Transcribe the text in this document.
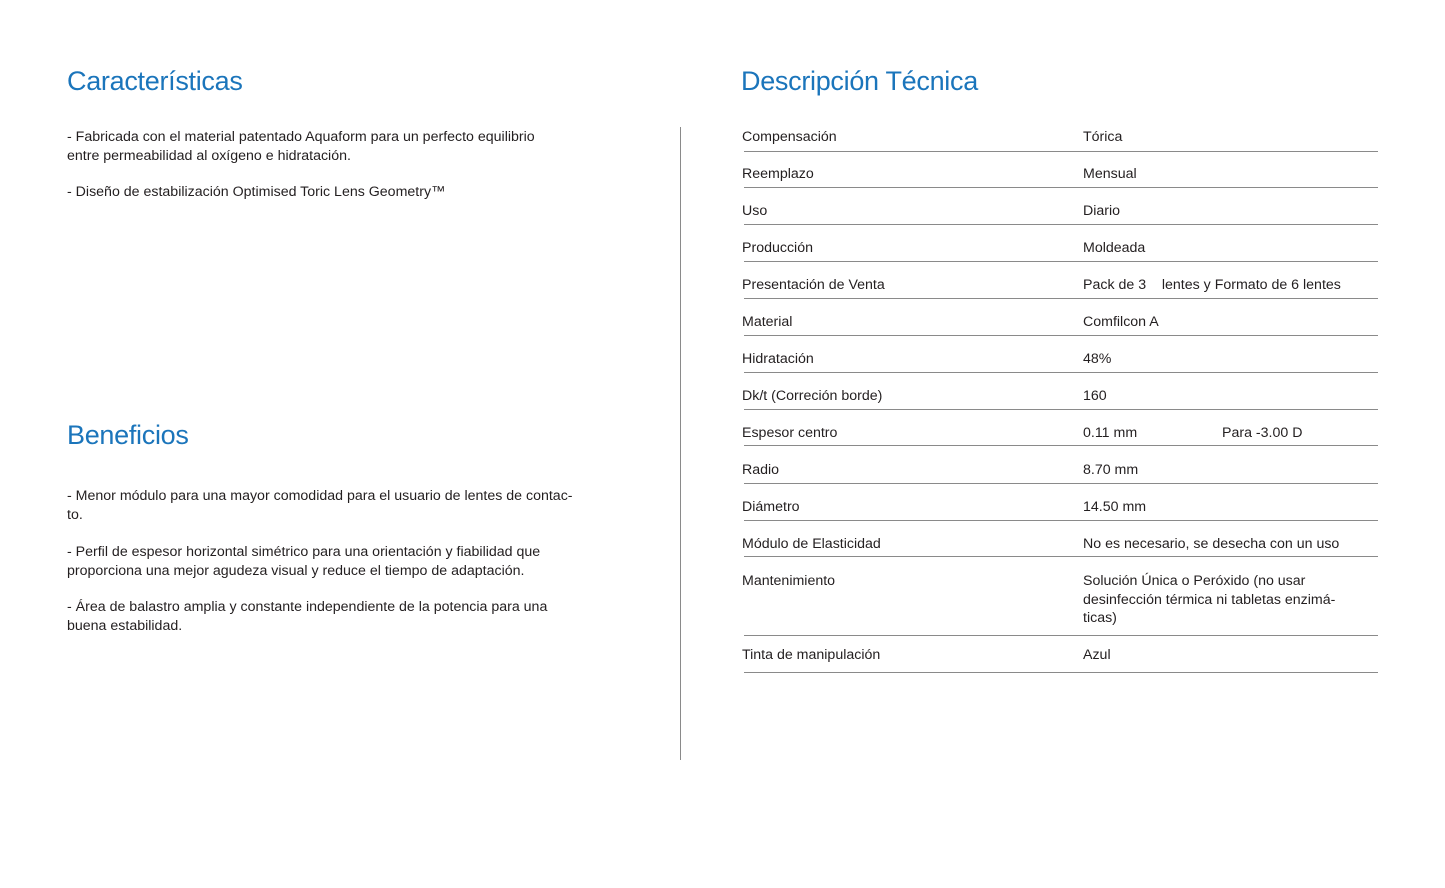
Características

- Fabricada con el material patentado Aquaform para un perfecto equilibrio
entre permeabilidad al oxígeno e hidratación.

- Diseño de estabilización Optimised Toric Lens Geometry™

Beneficios

- Menor módulo para una mayor comodidad para el usuario de lentes de contac-
to.

- Perfil de espesor horizontal simétrico para una orientación y fiabilidad que
proporciona una mejor agudeza visual y reduce el tiempo de adaptación.

- Área de balastro amplia y constante independiente de la potencia para una
buena estabilidad.

Descripción Técnica
Compensación	Tórica
Reemplazo	Mensual
Uso	Diario
Producción	Moldeada
Presentación de Venta	Pack de 3    lentes y Formato de 6 lentes
Material	Comfilcon A
Hidratación	48%
Dk/t (Correción borde)	160
Espesor centro	0.11 mm	Para -3.00 D
Radio	8.70 mm
Diámetro	14.50 mm
Módulo de Elasticidad	No es necesario, se desecha con un uso
Mantenimiento	Solución Única o Peróxido (no usar
desinfección térmica ni tabletas enzimá-
ticas)
Tinta de manipulación	Azul
